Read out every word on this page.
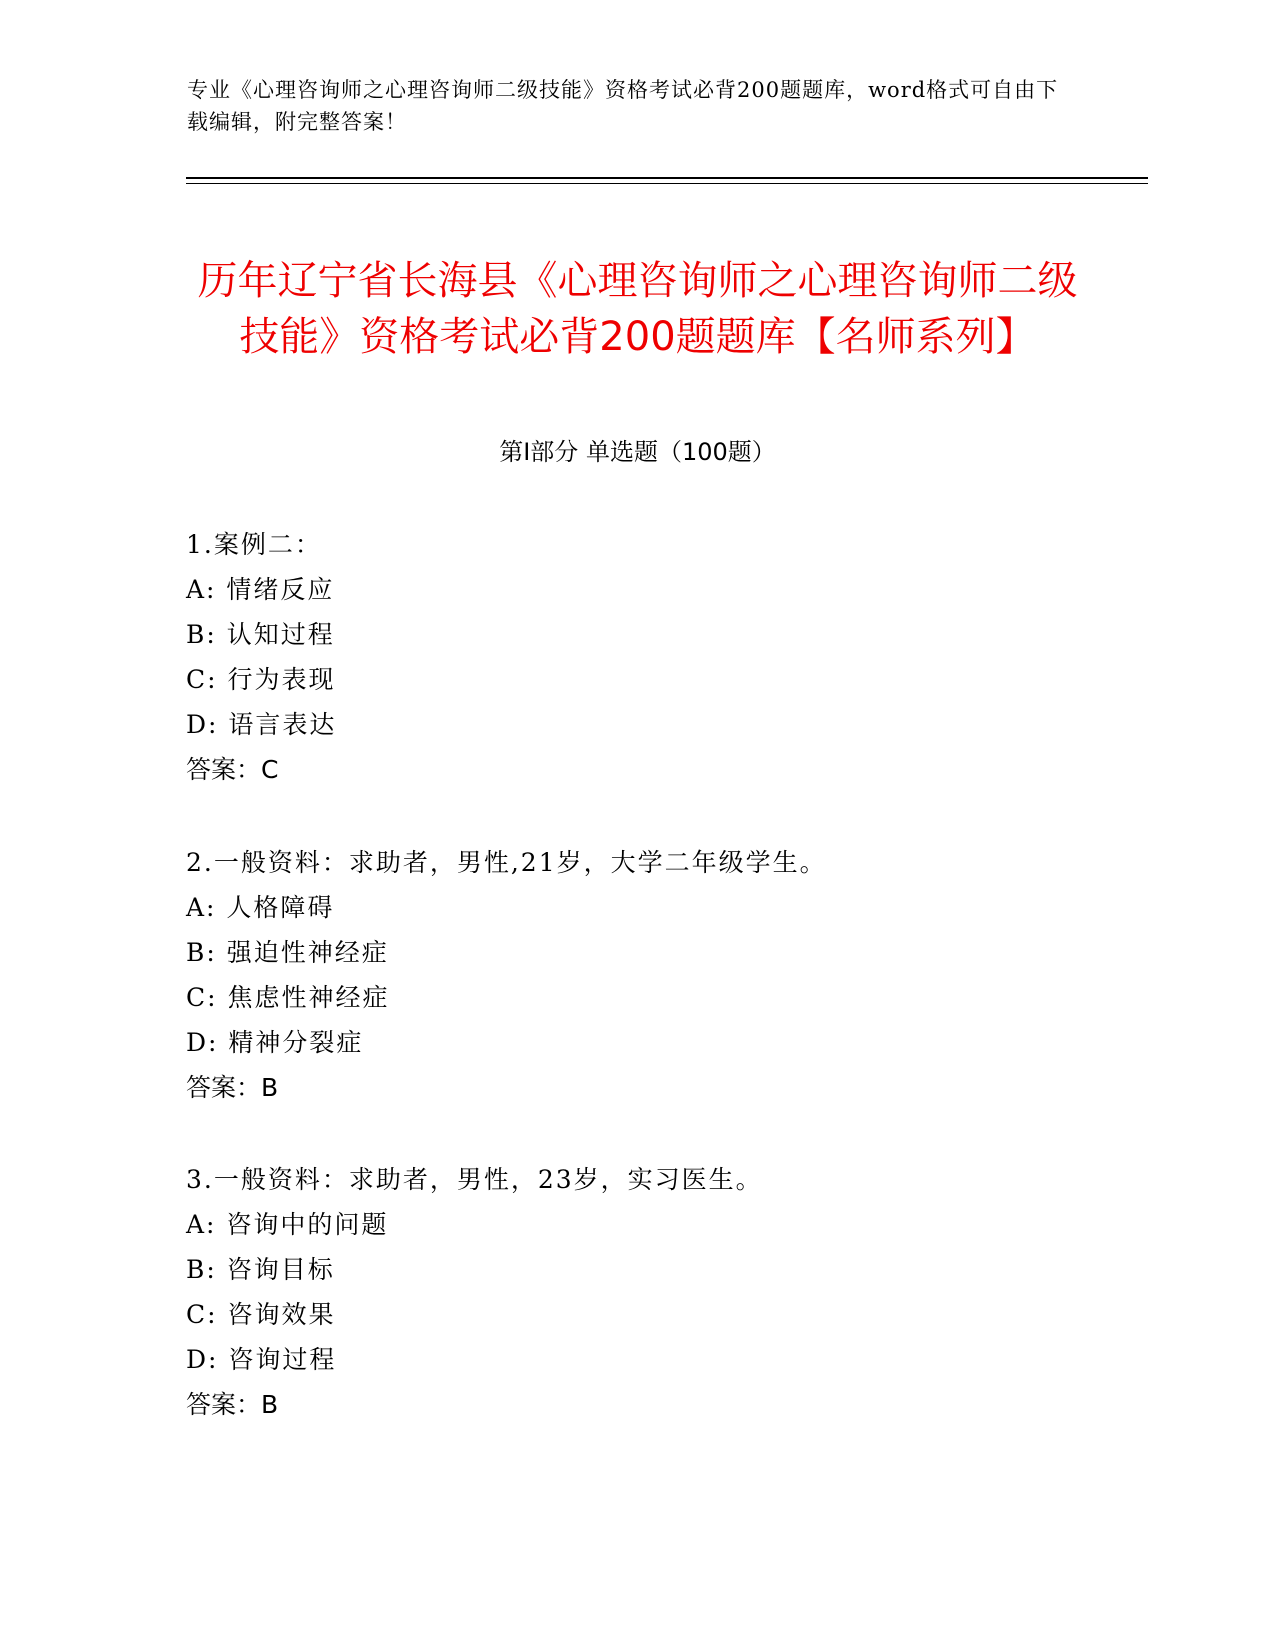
专业《心理咨询师之心理咨询师二级技能》资格考试必背200题题库，word格式可自由下载编辑，附完整答案！
历年辽宁省长海县《心理咨询师之心理咨询师二级技能》资格考试必背200题题库【名师系列】
第I部分 单选题（100题）
1.案例二：
A: 情绪反应
B: 认知过程
C: 行为表现
D: 语言表达
答案：C
2.一般资料：求助者，男性,21岁，大学二年级学生。
A: 人格障碍
B: 强迫性神经症
C: 焦虑性神经症
D: 精神分裂症
答案：B
3.一般资料：求助者，男性，23岁，实习医生。
A: 咨询中的问题
B: 咨询目标
C: 咨询效果
D: 咨询过程
答案：B
